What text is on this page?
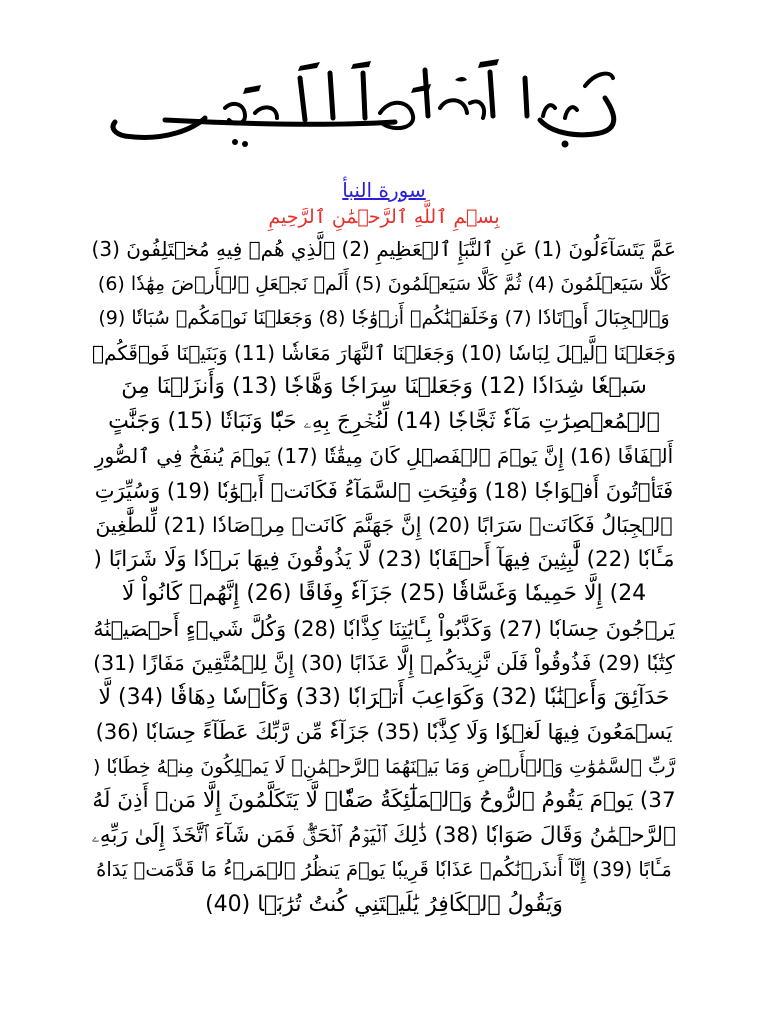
سورة النبأ
بِسۡمِ ٱللَّهِ ٱلرَّحۡمَٰنِ ٱلرَّحِيمِ
عَمَّ يَتَسَآءَلُونَ (1) عَنِ ٱلنَّبَإِ ٱلۡعَظِيمِ (2) ٱلَّذِي هُمۡ فِيهِ مُخۡتَلِفُونَ (3)
كَلَّا سَيَعۡلَمُونَ (4) ثُمَّ كَلَّا سَيَعۡلَمُونَ (5) أَلَمۡ نَجۡعَلِ ٱلۡأَرۡضَ مِهَٰدٗا (6)
وَٱلۡجِبَالَ أَوۡتَادٗا (7) وَخَلَقۡنَٰكُمۡ أَزۡوَٰجٗا (8) وَجَعَلۡنَا نَوۡمَكُمۡ سُبَاتٗا (9)
وَجَعَلۡنَا ٱلَّيۡلَ لِبَاسٗا (10) وَجَعَلۡنَا ٱلنَّهَارَ مَعَاشٗا (11) وَبَنَيۡنَا فَوۡقَكُمۡ
سَبۡعٗا شِدَادٗا (12) وَجَعَلۡنَا سِرَاجٗا وَهَّاجٗا (13) وَأَنزَلۡنَا مِنَ
ٱلۡمُعۡصِرَٰتِ مَآءٗ ثَجَّاجٗا (14) لِّنُخۡرِجَ بِهِۦ حَبّٗا وَنَبَاتٗا (15) وَجَنَّٰتٍ
أَلۡفَافًا (16) إِنَّ يَوۡمَ ٱلۡفَصۡلِ كَانَ مِيقَٰتٗا (17) يَوۡمَ يُنفَخُ فِي ٱلصُّورِ
فَتَأۡتُونَ أَفۡوَاجٗا (18) وَفُتِحَتِ ٱلسَّمَآءُ فَكَانَتۡ أَبۡوَٰبٗا (19) وَسُيِّرَتِ
ٱلۡجِبَالُ فَكَانَتۡ سَرَابًا (20) إِنَّ جَهَنَّمَ كَانَتۡ مِرۡصَادٗا (21) لِّلطَّٰغِينَ
مَـَٔابٗا (22) لَّٰبِثِينَ فِيهَآ أَحۡقَابٗا (23) لَّا يَذُوقُونَ فِيهَا بَرۡدٗا وَلَا شَرَابًا (
24) إِلَّا حَمِيمٗا وَغَسَّاقٗا (25) جَزَآءٗ وِفَاقًا (26) إِنَّهُمۡ كَانُواْ لَا
يَرۡجُونَ حِسَابٗا (27) وَكَذَّبُواْ بِـَٔايَٰتِنَا كِذَّابٗا (28) وَكُلَّ شَيۡءٍ أَحۡصَيۡنَٰهُ
كِتَٰبٗا (29) فَذُوقُواْ فَلَن نَّزِيدَكُمۡ إِلَّا عَذَابًا (30) إِنَّ لِلۡمُتَّقِينَ مَفَازًا (31)
حَدَآئِقَ وَأَعۡنَٰبٗا (32) وَكَوَاعِبَ أَتۡرَابٗا (33) وَكَأۡسٗا دِهَاقٗا (34) لَّا
يَسۡمَعُونَ فِيهَا لَغۡوٗا وَلَا كِذَّٰبٗا (35) جَزَآءٗ مِّن رَّبِّكَ عَطَآءً حِسَابٗا (36)
رَّبِّ ٱلسَّمَٰوَٰتِ وَٱلۡأَرۡضِ وَمَا بَيۡنَهُمَا ٱلرَّحۡمَٰنِۖ لَا يَمۡلِكُونَ مِنۡهُ خِطَابٗا (
37) يَوۡمَ يَقُومُ ٱلرُّوحُ وَٱلۡمَلَٰٓئِكَةُ صَفّٗاۖ لَّا يَتَكَلَّمُونَ إِلَّا مَنۡ أَذِنَ لَهُ
ٱلرَّحۡمَٰنُ وَقَالَ صَوَابٗا (38) ذَٰلِكَ ٱلۡيَوۡمُ ٱلۡحَقُّۖ فَمَن شَآءَ ٱتَّخَذَ إِلَىٰ رَبِّهِۦ
مَـَٔابًا (39) إِنَّآ أَنذَرۡنَٰكُمۡ عَذَابٗا قَرِيبٗا يَوۡمَ يَنظُرُ ٱلۡمَرۡءُ مَا قَدَّمَتۡ يَدَاهُ
وَيَقُولُ ٱلۡكَافِرُ يَٰلَيۡتَنِي كُنتُ تُرَٰبَۢا (40)
